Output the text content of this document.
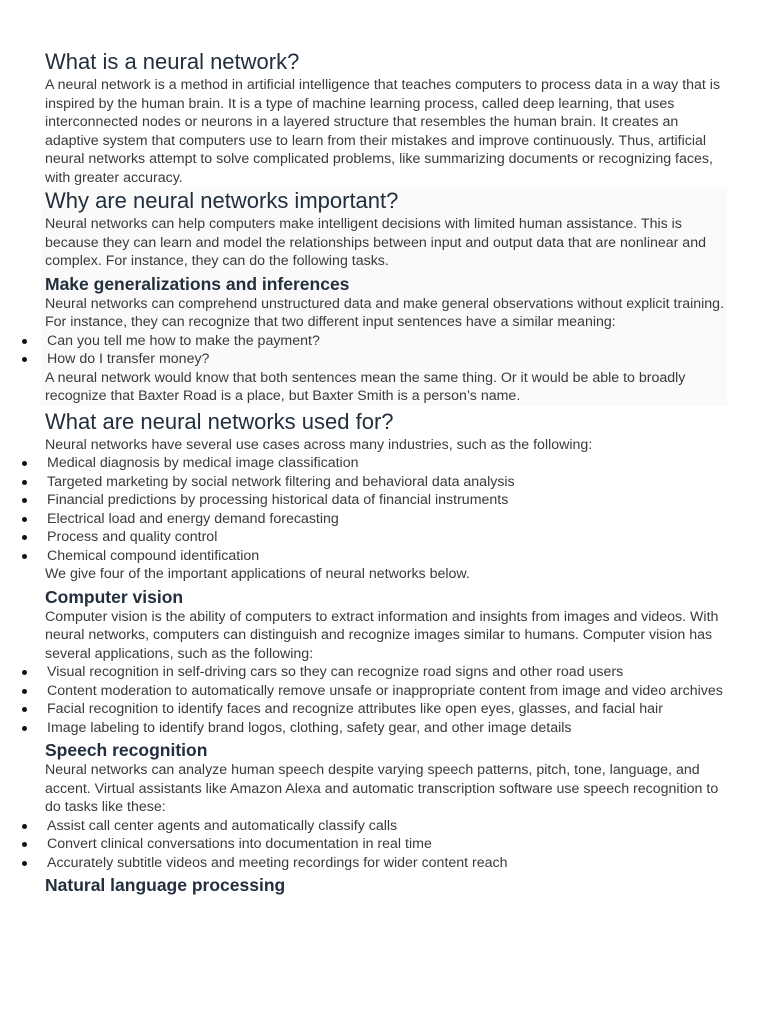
What is a neural network?

A neural network is a method in artificial intelligence that teaches computers to process data in a way that is inspired by the human brain. It is a type of machine learning process, called deep learning, that uses interconnected nodes or neurons in a layered structure that resembles the human brain. It creates an adaptive system that computers use to learn from their mistakes and improve continuously. Thus, artificial neural networks attempt to solve complicated problems, like summarizing documents or recognizing faces, with greater accuracy.

Why are neural networks important?

Neural networks can help computers make intelligent decisions with limited human assistance. This is because they can learn and model the relationships between input and output data that are nonlinear and complex. For instance, they can do the following tasks.

Make generalizations and inferences

Neural networks can comprehend unstructured data and make general observations without explicit training. For instance, they can recognize that two different input sentences have a similar meaning:

Can you tell me how to make the payment?
How do I transfer money?

A neural network would know that both sentences mean the same thing. Or it would be able to broadly recognize that Baxter Road is a place, but Baxter Smith is a person’s name.

What are neural networks used for?

Neural networks have several use cases across many industries, such as the following:

Medical diagnosis by medical image classification
Targeted marketing by social network filtering and behavioral data analysis
Financial predictions by processing historical data of financial instruments
Electrical load and energy demand forecasting
Process and quality control
Chemical compound identification

We give four of the important applications of neural networks below.

Computer vision

Computer vision is the ability of computers to extract information and insights from images and videos. With neural networks, computers can distinguish and recognize images similar to humans. Computer vision has several applications, such as the following:

Visual recognition in self-driving cars so they can recognize road signs and other road users
Content moderation to automatically remove unsafe or inappropriate content from image and video archives
Facial recognition to identify faces and recognize attributes like open eyes, glasses, and facial hair
Image labeling to identify brand logos, clothing, safety gear, and other image details
Speech recognition

Neural networks can analyze human speech despite varying speech patterns, pitch, tone, language, and accent. Virtual assistants like Amazon Alexa and automatic transcription software use speech recognition to do tasks like these:

Assist call center agents and automatically classify calls
Convert clinical conversations into documentation in real time
Accurately subtitle videos and meeting recordings for wider content reach
Natural language processing
